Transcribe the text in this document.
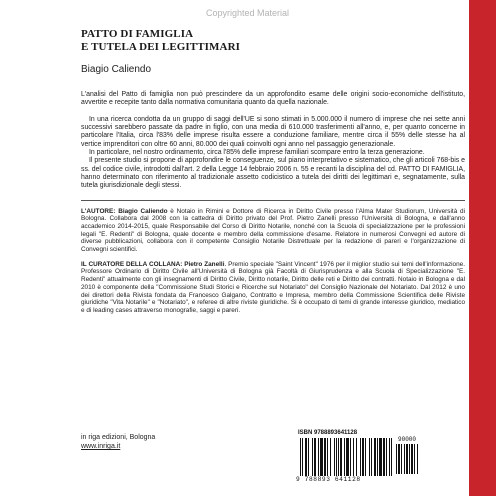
Copyrighted Material
PATTO DI FAMIGLIA
E TUTELA DEI LEGITTIMARI
Biagio Caliendo

L'analisi del Patto di famiglia non può prescindere da un approfondito esame delle origini socio-economiche dell'istituto, avvertite e recepite tanto dalla normativa comunitaria quanto da quella nazionale.

In una ricerca condotta da un gruppo di saggi dell'UE si sono stimati in 5.000.000 il numero di imprese che nei sette anni successivi sarebbero passate da padre in figlio, con una media di 610.000 trasferimenti all'anno, e, per quanto concerne in particolare l'Italia, circa l'83% delle imprese risulta essere a conduzione familiare, mentre circa il 55% delle stesse ha al vertice imprenditori con oltre 60 anni, 80.000 dei quali coinvolti ogni anno nel passaggio generazionale.

In particolare, nel nostro ordinamento, circa l'85% delle imprese familiari scompare entro la terza generazione.

Il presente studio si propone di approfondire le conseguenze, sul piano interpretativo e sistematico, che gli articoli 768-bis e ss. del codice civile, introdotti dall'art. 2 della Legge 14 febbraio 2006 n. 55 e recanti la disciplina del cd. PATTO DI FAMIGLIA, hanno determinato con riferimento al tradizionale assetto codicistico a tutela dei diritti dei legittimari e, segnatamente, sulla tutela giurisdizionale degli stessi.

L'AUTORE: Biagio Caliendo è Notaio in Rimini e Dottore di Ricerca in Diritto Civile presso l'Alma Mater Studiorum, Università di Bologna. Collabora dal 2008 con la cattedra di Diritto privato del Prof. Pietro Zanelli presso l'Università di Bologna, e dall'anno accademico 2014-2015, quale Responsabile del Corso di Diritto Notarile, nonché con la Scuola di specializzazione per le professioni legali "E. Redenti" di Bologna, quale docente e membro della commissione d'esame. Relatore in numerosi Convegni ed autore di diverse pubblicazioni, collabora con il competente Consiglio Notarile Distrettuale per la redazione di pareri e l'organizzazione di Convegni scientifici.

IL CURATORE DELLA COLLANA: Pietro Zanelli. Premio speciale "Saint Vincent" 1976 per il miglior studio sui temi dell'informazione. Professore Ordinario di Diritto Civile all'Università di Bologna già Facoltà di Giurisprudenza e alla Scuola di Specializzazione "E. Redenti" attualmente con gli insegnamenti di Diritto Civile, Diritto notarile, Diritto delle reti e Diritto dei contratti. Notaio in Bologna e dal 2010 è componente della "Commissione Studi Storici e Ricerche sul Notariato" del Consiglio Nazionale del Notariato. Dal 2012 è uno dei direttori della Rivista fondata da Francesco Galgano, Contratto e Impresa, membro della Commissione Scientifica delle Riviste giuridiche "Vita Notarile" e "Notariato", e referee di altre riviste giuridiche. Si è occupato di temi di grande interesse giuridico, mediatico e di leading cases attraverso monografie, saggi e pareri.

in riga edizioni, Bologna
www.inriga.it
ISBN 9788893641128
9 788893 641128
90000
